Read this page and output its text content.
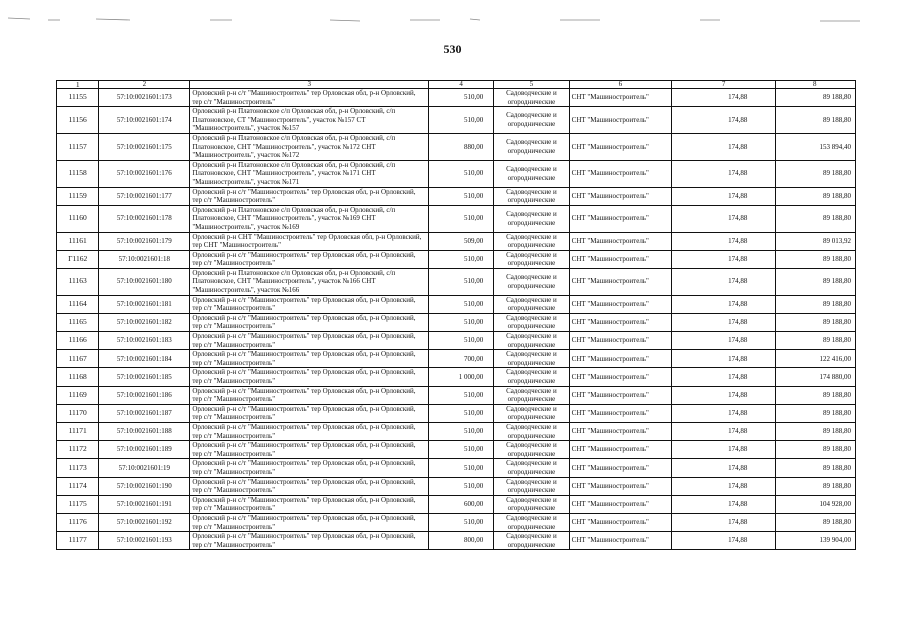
530
1	2	3	4	5	6	7	8
11155	57:10:0021601:173	Орловский р-н с/т "Машиностроитель" тер Орловская обл, р-н Орловский, тер с/т "Машиностроитель"	510,00	Садоводческие и огороднические	СНТ "Машиностроитель"	174,88	89 188,80
11156	57:10:0021601:174	Орловский р-н Платоновское с/п Орловская обл, р-н Орловский, с/п Платоновское, СТ "Машиностроитель", участок №157 СТ "Машиностроитель", участок №157	510,00	Садоводческие и огороднические	СНТ "Машиностроитель"	174,88	89 188,80
11157	57:10:0021601:175	Орловский р-н Платоновское с/п Орловская обл, р-н Орловский, с/п Платоновское, СНТ "Машиностроитель", участок №172 СНТ "Машиностроитель", участок №172	880,00	Садоводческие и огороднические	СНТ "Машиностроитель"	174,88	153 894,40
11158	57:10:0021601:176	Орловский р-н Платоновское с/п Орловская обл, р-н Орловский, с/п Платоновское, СНТ "Машиностроитель", участок №171 СНТ "Машиностроитель", участок №171	510,00	Садоводческие и огороднические	СНТ "Машиностроитель"	174,88	89 188,80
11159	57:10:0021601:177	Орловский р-н с/т "Машиностроитель" тер Орловская обл, р-н Орловский, тер с/т "Машиностроитель"	510,00	Садоводческие и огороднические	СНТ "Машиностроитель"	174,88	89 188,80
11160	57:10:0021601:178	Орловский р-н Платоновское с/п Орловская обл, р-н Орловский, с/п Платоновское, СНТ "Машиностроитель", участок №169 СНТ "Машиностроитель", участок №169	510,00	Садоводческие и огороднические	СНТ "Машиностроитель"	174,88	89 188,80
11161	57:10:0021601:179	Орловский р-н СНТ "Машиностроитель" тер Орловская обл, р-н Орловский, тер СНТ "Машиностроитель"	509,00	Садоводческие и огороднические	СНТ "Машиностроитель"	174,88	89 013,92
Г1162	57:10:0021601:18	Орловский р-н с/т "Машиностроитель" тер Орловская обл, р-н Орловский, тер с/т "Машиностроитель"	510,00	Садоводческие и огороднические	СНТ "Машиностроитель"	174,88	89 188,80
11163	57:10:0021601:180	Орловский р-н Платоновское с/п Орловская обл, р-н Орловский, с/п Платоновское, СНТ "Машиностроитель", участок №166 СНТ "Машиностроитель", участок №166	510,00	Садоводческие и огороднические	СНТ "Машиностроитель"	174,88	89 188,80
11164	57:10:0021601:181	Орловский р-н с/т "Машиностроитель" тер Орловская обл, р-н Орловский, тер с/т "Машиностроитель"	510,00	Садоводческие и огороднические	СНТ "Машиностроитель"	174,88	89 188,80
11165	57:10:0021601:182	Орловский р-н с/т "Машиностроитель" тер Орловская обл, р-н Орловский, тер с/т "Машиностроитель"	510,00	Садоводческие и огороднические	СНТ "Машиностроитель"	174,88	89 188,80
11166	57:10:0021601:183	Орловский р-н с/т "Машиностроитель" тер Орловская обл, р-н Орловский, тер с/т "Машиностроитель"	510,00	Садоводческие и огороднические	СНТ "Машиностроитель"	174,88	89 188,80
11167	57:10:0021601:184	Орловский р-н с/т "Машиностроитель" тер Орловская обл, р-н Орловский, тер с/т "Машиностроитель"	700,00	Садоводческие и огороднические	СНТ "Машиностроитель"	174,88	122 416,00
11168	57:10:0021601:185	Орловский р-н с/т "Машиностроитель" тер Орловская обл, р-н Орловский, тер с/т "Машиностроитель"	1 000,00	Садоводческие и огороднические	СНТ "Машиностроитель"	174,88	174 880,00
11169	57:10:0021601:186	Орловский р-н с/т "Машиностроитель" тер Орловская обл, р-н Орловский, тер с/т "Машиностроитель"	510,00	Садоводческие и огороднические	СНТ "Машиностроитель"	174,88	89 188,80
11170	57:10:0021601:187	Орловский р-н с/т "Машиностроитель" тер Орловская обл, р-н Орловский, тер с/т "Машиностроитель"	510,00	Садоводческие и огороднические	СНТ "Машиностроитель"	174,88	89 188,80
11171	57:10:0021601:188	Орловский р-н с/т "Машиностроитель" тер Орловская обл, р-н Орловский, тер с/т "Машиностроитель"	510,00	Садоводческие и огороднические	СНТ "Машиностроитель"	174,88	89 188,80
11172	57:10:0021601:189	Орловский р-н с/т "Машиностроитель" тер Орловская обл, р-н Орловский, тер с/т "Машиностроитель"	510,00	Садоводческие и огороднические	СНТ "Машиностроитель"	174,88	89 188,80
11173	57:10:0021601:19	Орловский р-н с/т "Машиностроитель" тер Орловская обл, р-н Орловский, тер с/т "Машиностроитель"	510,00	Садоводческие и огороднические	СНТ "Машиностроитель"	174,88	89 188,80
11174	57:10:0021601:190	Орловский р-н с/т "Машиностроитель" тер Орловская обл, р-н Орловский, тер с/т "Машиностроитель"	510,00	Садоводческие и огороднические	СНТ "Машиностроитель"	174,88	89 188,80
11175	57:10:0021601:191	Орловский р-н с/т "Машиностроитель" тер Орловская обл, р-н Орловский, тер с/т "Машиностроитель"	600,00	Садоводческие и огороднические	СНТ "Машиностроитель"	174,88	104 928,00
11176	57:10:0021601:192	Орловский р-н с/т "Машиностроитель" тер Орловская обл, р-н Орловский, тер с/т "Машиностроитель"	510,00	Садоводческие и огороднические	СНТ "Машиностроитель"	174,88	89 188,80
11177	57:10:0021601:193	Орловский р-н с/т "Машиностроитель" тер Орловская обл, р-н Орловский, тер с/т "Машиностроитель"	800,00	Садоводческие и огороднические	СНТ "Машиностроитель"	174,88	139 904,00
